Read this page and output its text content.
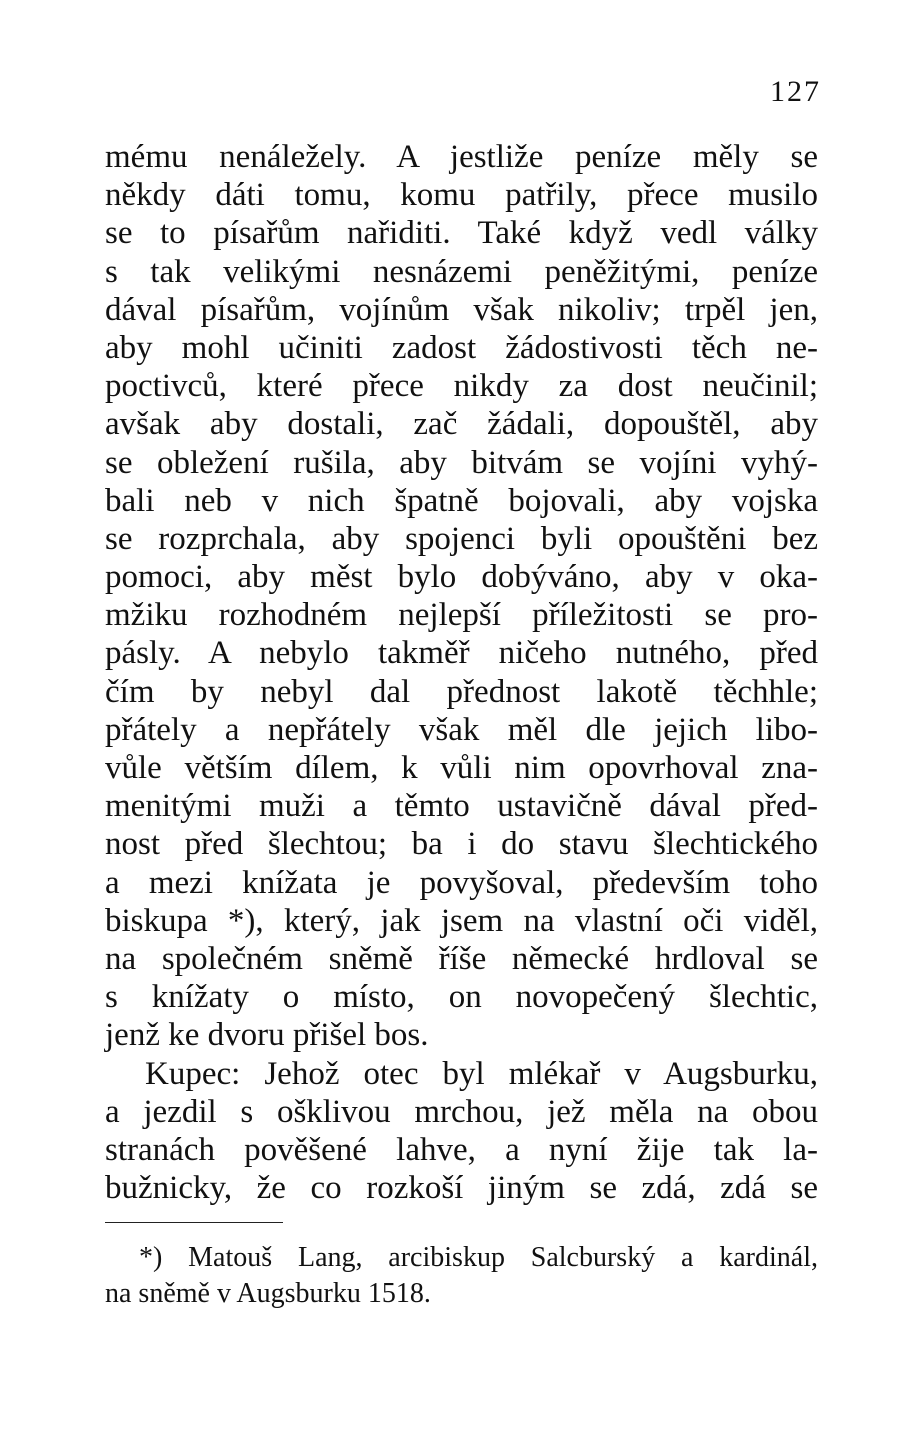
127
mému nenáležely. A jestliže peníze měly se
někdy dáti tomu, komu patřily, přece musilo
se to písařům nařiditi. Také když vedl války
s tak velikými nesnázemi peněžitými, peníze
dával písařům, vojínům však nikoliv; trpěl jen,
aby mohl učiniti zadost žádostivosti těch ne-
poctivců, které přece nikdy za dost neučinil;
avšak aby dostali, zač žádali, dopouštěl, aby
se obležení rušila, aby bitvám se vojíni vyhý-
bali neb v nich špatně bojovali, aby vojska
se rozprchala, aby spojenci byli opouštěni bez
pomoci, aby měst bylo dobýváno, aby v oka-
mžiku rozhodném nejlepší příležitosti se pro-
pásly. A nebylo takměř ničeho nutného, před
čím by nebyl dal přednost lakotě těchhle;
přátely a nepřátely však měl dle jejich libo-
vůle větším dílem, k vůli nim opovrhoval zna-
menitými muži a těmto ustavičně dával před-
nost před šlechtou; ba i do stavu šlechtického
a mezi knížata je povyšoval, především toho
biskupa *), který, jak jsem na vlastní oči viděl,
na společném sněmě říše německé hrdloval se
s knížaty o místo, on novopečený šlechtic,
jenž ke dvoru přišel bos.
Kupec: Jehož otec byl mlékař v Augsburku,
a jezdil s ošklivou mrchou, jež měla na obou
stranách pověšené lahve, a nyní žije tak la-
bužnicky, že co rozkoší jiným se zdá, zdá se
*) Matouš Lang, arcibiskup Salcburský a kardinál,
na sněmě v Augsburku 1518.
